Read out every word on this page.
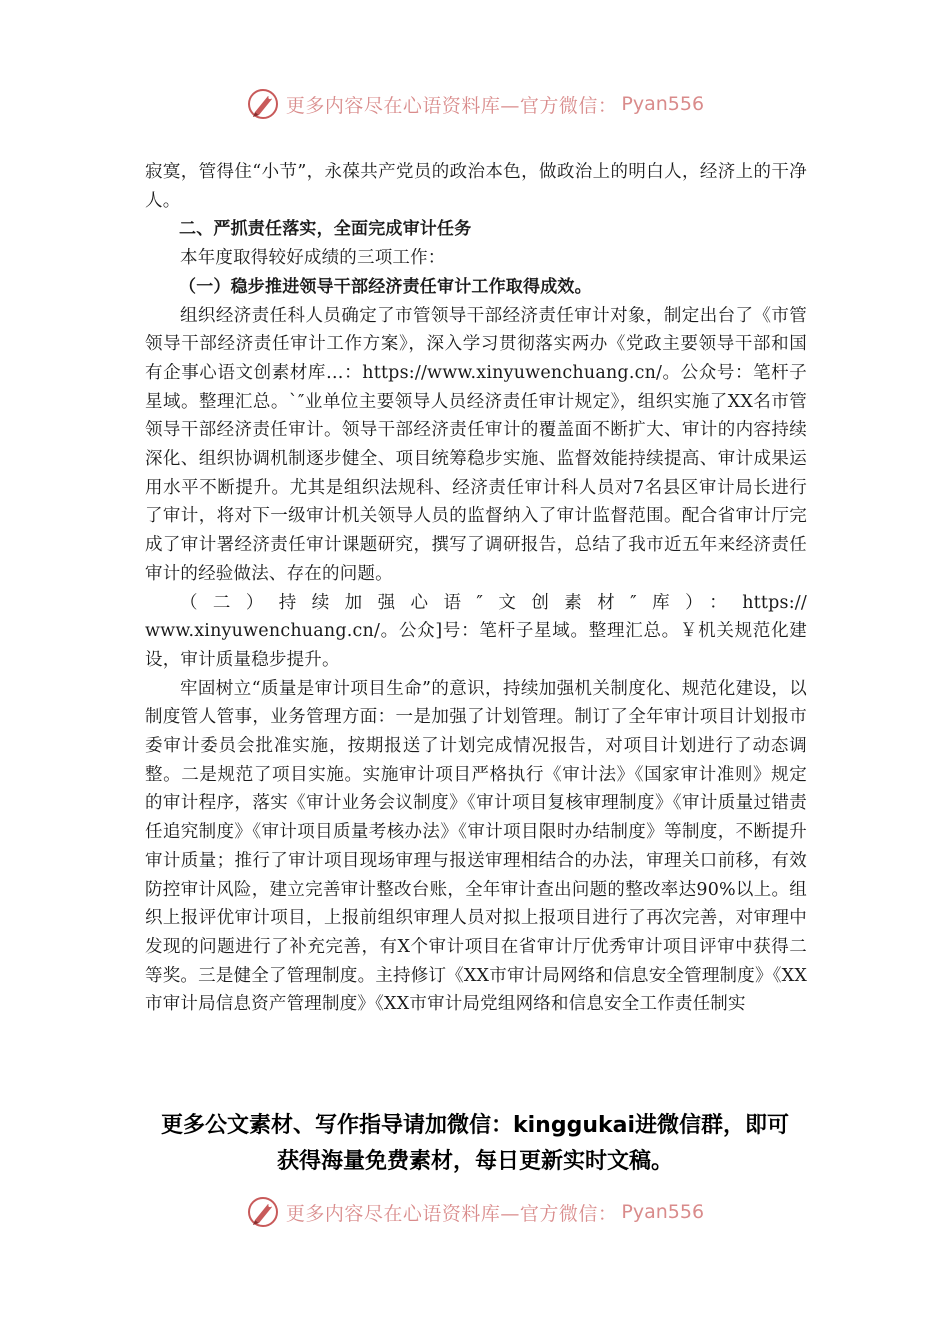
更多内容尽在心语资料库—官方微信： Pyan556

寂寞，管得住“小节”，永葆共产党员的政治本色，做政治上的明白人，经济上的干净人。

二、严抓责任落实，全面完成审计任务

本年度取得较好成绩的三项工作：

（一）稳步推进领导干部经济责任审计工作取得成效。

组织经济责任科人员确定了市管领导干部经济责任审计对象，制定出台了《市管领导干部经济责任审计工作方案》，深入学习贯彻落实两办《党政主要领导干部和国有企事心语文创素材库…：https://www.xinyuwenchuang.cn/。公众号：笔杆子星域。整理汇总。`″业单位主要领导人员经济责任审计规定》，组织实施了XX名市管领导干部经济责任审计。领导干部经济责任审计的覆盖面不断扩大、审计的内容持续深化、组织协调机制逐步健全、项目统筹稳步实施、监督效能持续提高、审计成果运用水平不断提升。尤其是组织法规科、经济责任审计科人员对7名县区审计局长进行了审计，将对下一级审计机关领导人员的监督纳入了审计监督范围。配合省审计厅完成了审计署经济责任审计课题研究，撰写了调研报告，总结了我市近五年来经济责任审计的经验做法、存在的问题。

（二）持续加强心语″文创素材″库）：https://

www.xinyuwenchuang.cn/。公众]号：笔杆子星域。整理汇总。￥机关规范化建设，审计质量稳步提升。

牢固树立“质量是审计项目生命”的意识，持续加强机关制度化、规范化建设，以制度管人管事，业务管理方面：一是加强了计划管理。制订了全年审计项目计划报市委审计委员会批准实施，按期报送了计划完成情况报告，对项目计划进行了动态调整。二是规范了项目实施。实施审计项目严格执行《审计法》《国家审计准则》规定的审计程序，落实《审计业务会议制度》《审计项目复核审理制度》《审计质量过错责任追究制度》《审计项目质量考核办法》《审计项目限时办结制度》等制度，不断提升审计质量；推行了审计项目现场审理与报送审理相结合的办法，审理关口前移，有效防控审计风险，建立完善审计整改台账，全年审计查出问题的整改率达90%以上。组织上报评优审计项目，上报前组织审理人员对拟上报项目进行了再次完善，对审理中发现的问题进行了补充完善，有X个审计项目在省审计厅优秀审计项目评审中获得二等奖。三是健全了管理制度。主持修订《XX市审计局网络和信息安全管理制度》《XX市审计局信息资产管理制度》《XX市审计局党组网络和信息安全工作责任制实

更多公文素材、写作指导请加微信：kinggukai进微信群，即可
获得海量免费素材，每日更新实时文稿。
更多内容尽在心语资料库—官方微信： Pyan556
